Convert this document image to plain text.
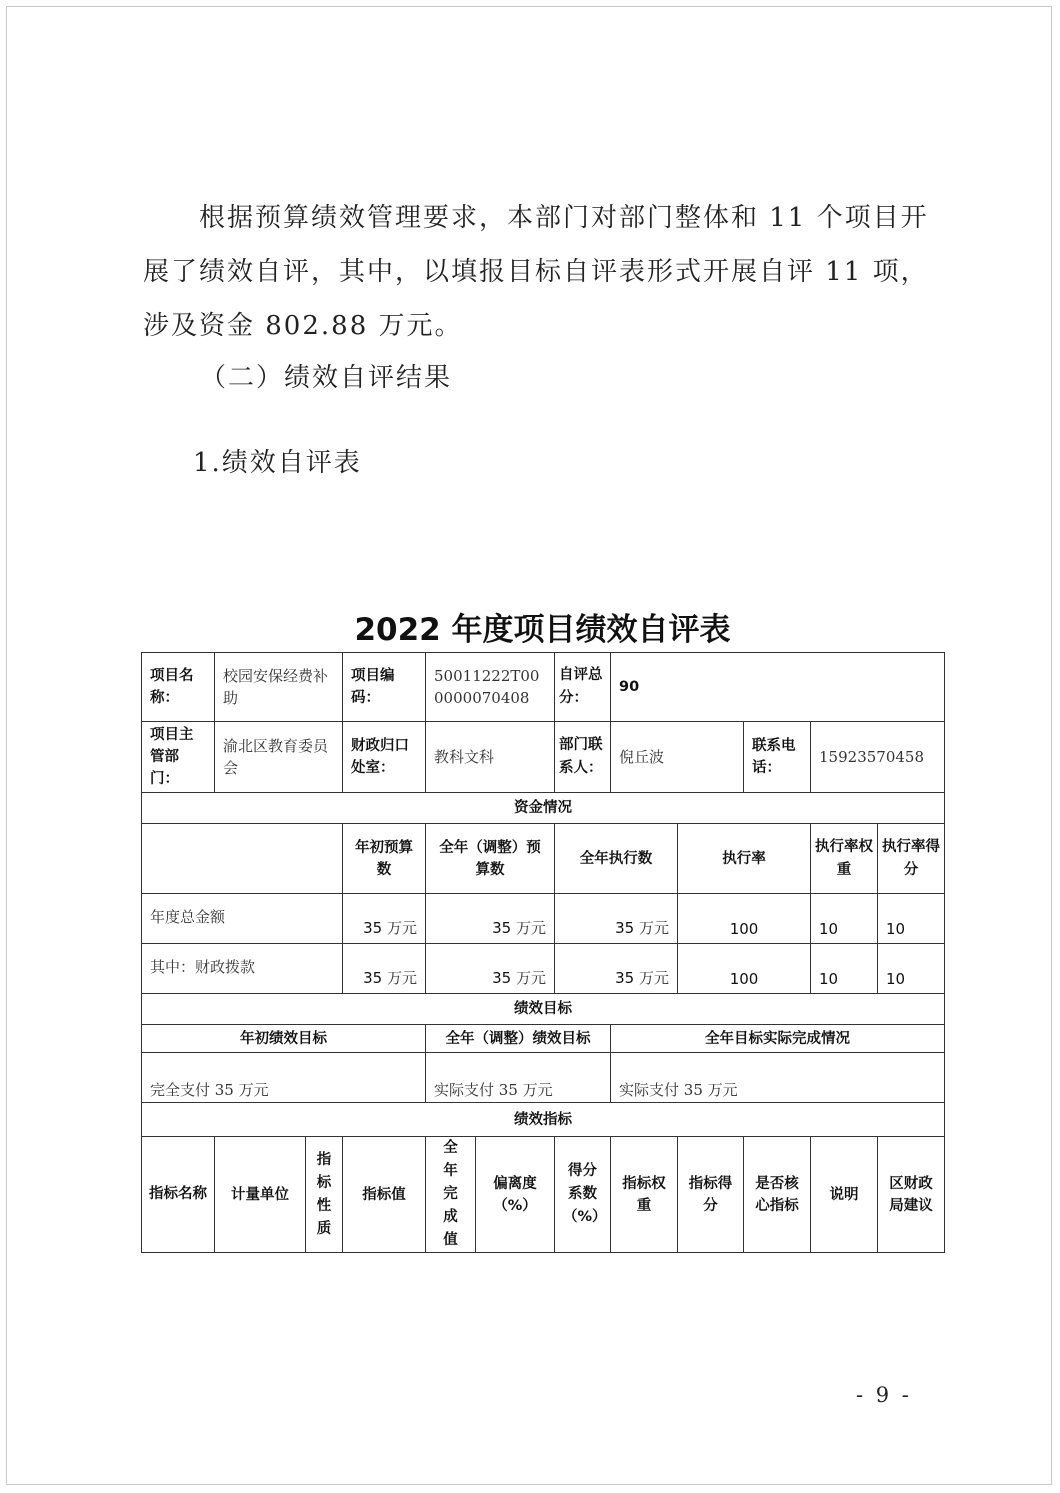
根据预算绩效管理要求，本部门对部门整体和 11 个项目开展了绩效自评，其中，以填报目标自评表形式开展自评 11 项，涉及资金 802.88 万元。

（二）绩效自评结果

1.绩效自评表

2022 年度项目绩效自评表

项目名称：	校园安保经费补助		项目编码：	50011222T000000070408		自评总分：	90				
项目主管部门：	渝北区教育委员会		财政归口处室：	教科文科		部门联系人：	倪丘波		联系电话：	15923570458	
资金情况											
			年初预算数	全年（调整）预算数		全年执行数		执行率		执行率权重	执行率得分
年度总金额			35 万元	35 万元		35 万元		100		10	10
其中：财政拨款			35 万元	35 万元		35 万元		100		10	10
绩效目标											
年初绩效目标				全年（调整）绩效目标			全年目标实际完成情况				
完全支付 35 万元				实际支付 35 万元			实际支付 35 万元				
绩效指标											
指标名称	计量单位	指标性质	指标值	全年完成值	偏离度（%）	得分系数（%）	指标权重	指标得分	是否核心指标	说明	区财政局建议

- 9 -
